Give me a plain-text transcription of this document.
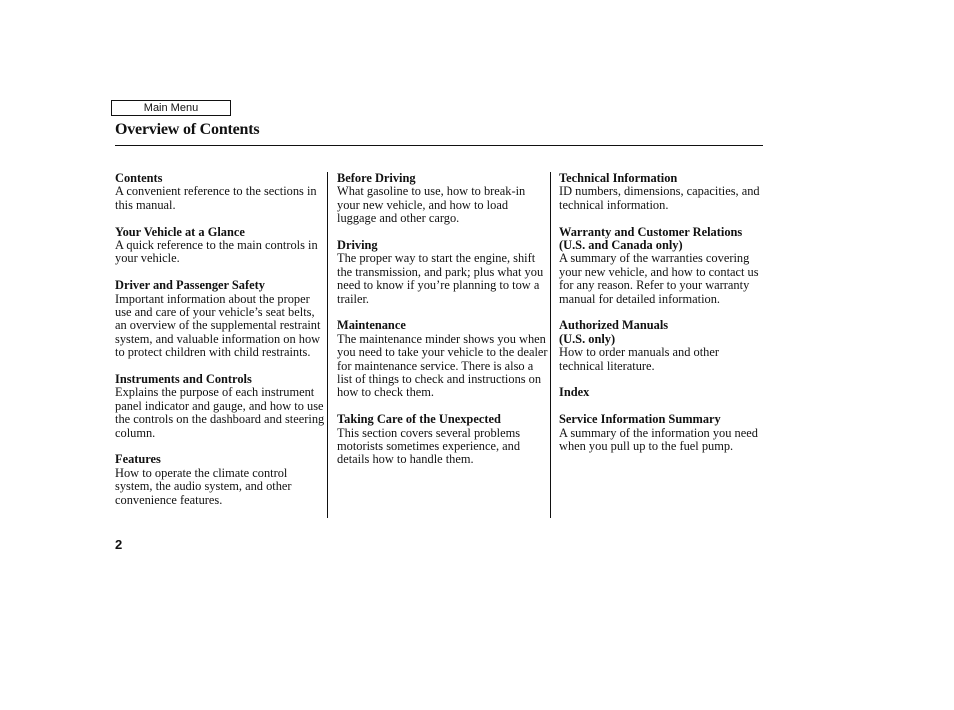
Main Menu
Overview of Contents

Contents

A convenient reference to the sections in this manual.

Your Vehicle at a Glance

A quick reference to the main controls in your vehicle.

Driver and Passenger Safety

Important information about the proper use and care of your vehicle’s seat belts, an overview of the supplemental restraint system, and valuable information on how to protect children with child restraints.

Instruments and Controls

Explains the purpose of each instrument panel indicator and gauge, and how to use the controls on the dashboard and steering column.

Features

How to operate the climate control system, the audio system, and other convenience features.

Before Driving

What gasoline to use, how to break-in your new vehicle, and how to load luggage and other cargo.

Driving

The proper way to start the engine, shift the transmission, and park; plus what you need to know if you’re planning to tow a trailer.

Maintenance

The maintenance minder shows you when you need to take your vehicle to the dealer for maintenance service. There is also a list of things to check and instructions on how to check them.

Taking Care of the Unexpected

This section covers several problems motorists sometimes experience, and details how to handle them.

Technical Information

ID numbers, dimensions, capacities, and technical information.

Warranty and Customer Relations
(U.S. and Canada only)

A summary of the warranties covering your new vehicle, and how to contact us for any reason. Refer to your warranty manual for detailed information.

Authorized Manuals
(U.S. only)

How to order manuals and other technical literature.

Index

Service Information Summary

A summary of the information you need when you pull up to the fuel pump.

2
